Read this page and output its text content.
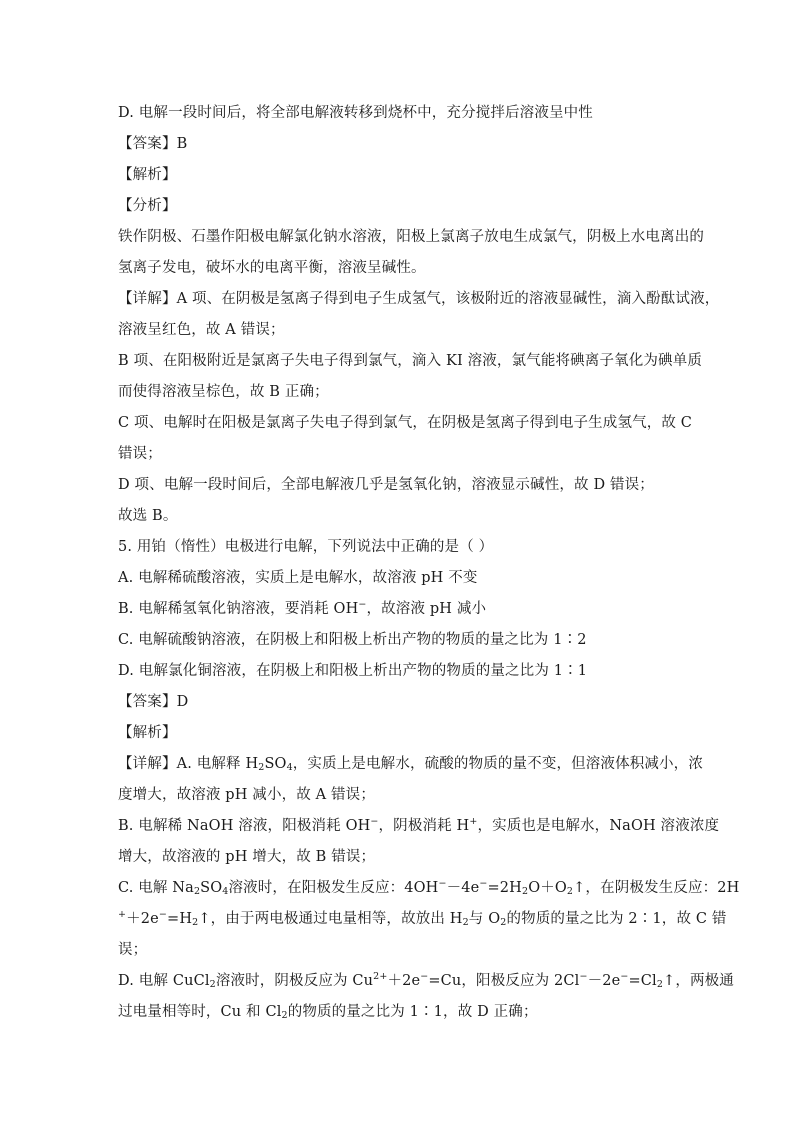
D. 电解一段时间后，将全部电解液转移到烧杯中，充分搅拌后溶液呈中性
【答案】B
【解析】
【分析】
铁作阴极、石墨作阳极电解氯化钠水溶液，阳极上氯离子放电生成氯气，阴极上水电离出的
氢离子发电，破坏水的电离平衡，溶液呈碱性。
【详解】A 项、在阴极是氢离子得到电子生成氢气，该极附近的溶液显碱性，滴入酚酞试液，
溶液呈红色，故 A 错误；
B 项、在阳极附近是氯离子失电子得到氯气，滴入 KI 溶液，氯气能将碘离子氧化为碘单质
而使得溶液呈棕色，故 B 正确；
C 项、电解时在阳极是氯离子失电子得到氯气，在阴极是氢离子得到电子生成氢气，故 C
错误；
D 项、电解一段时间后，全部电解液几乎是氢氧化钠，溶液显示碱性，故 D 错误；
故选 B。
5. 用铂（惰性）电极进行电解，下列说法中正确的是（ ）
A. 电解稀硫酸溶液，实质上是电解水，故溶液 pH 不变
B. 电解稀氢氧化钠溶液，要消耗 OH−，故溶液 pH 减小
C. 电解硫酸钠溶液，在阴极上和阳极上析出产物的物质的量之比为 1∶2
D. 电解氯化铜溶液，在阴极上和阳极上析出产物的物质的量之比为 1∶1
【答案】D
【解析】
【详解】A. 电解释 $H_2SO_4$，实质上是电解水，硫酸的物质的量不变，但溶液体积减小，浓
度增大，故溶液 pH 减小，故 A 错误；
B. 电解稀 NaOH 溶液，阳极消耗 OH−，阴极消耗 H+，实质也是电解水，NaOH 溶液浓度
增大，故溶液的 pH 增大，故 B 错误；
C. 电解 $Na_2SO_4$溶液时，在阳极发生反应：$4OH^--4e^-=2H_2O+O_2↑$，在阴极发生反应：2H
$^++2e^-=H_2↑$，由于两电极通过电量相等，故放出 $H_2$与 $O_2$的物质的量之比为 2∶1，故 C 错
误；
D. 电解 CuCl$_2$溶液时，阴极反应为 $Cu^{2+}+2e^-=Cu$，阳极反应为 $2Cl^--2e^-=Cl_2↑$，两极通
过电量相等时，Cu 和 $Cl_2$的物质的量之比为 1∶1，故 D 正确；
